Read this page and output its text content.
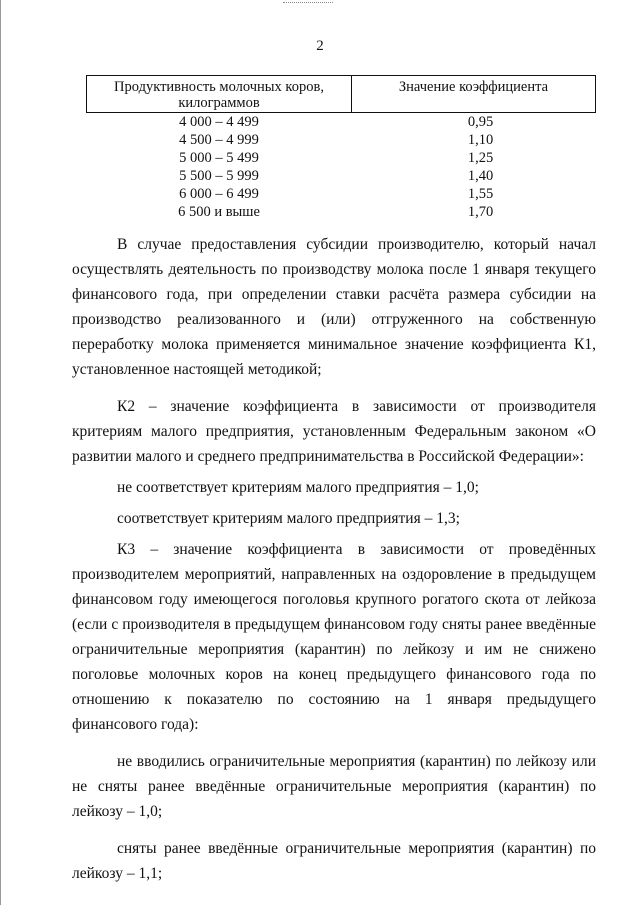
2
Продуктивность молочных коров, килограммов	Значение коэффициента
4 000 – 4 499	0,95
4 500 – 4 999	1,10
5 000 – 5 499	1,25
5 500 – 5 999	1,40
6 000 – 6 499	1,55
6 500 и выше	1,70

В случае предоставления субсидии производителю, который начал осуществлять деятельность по производству молока после 1 января текущего финансового года, при определении ставки расчёта размера субсидии на производство реализованного и (или) отгруженного на собственную переработку молока применяется минимальное значение коэффициента К1, установленное настоящей методикой;

К2 – значение коэффициента в зависимости от производителя критериям малого предприятия, установленным Федеральным законом «О развитии малого и среднего предпринимательства в Российской Федерации»:

не соответствует критериям малого предприятия – 1,0;

соответствует критериям малого предприятия – 1,3;

К3 – значение коэффициента в зависимости от проведённых производителем мероприятий, направленных на оздоровление в предыдущем финансовом году имеющегося поголовья крупного рогатого скота от лейкоза (если с производителя в предыдущем финансовом году сняты ранее введённые ограничительные мероприятия (карантин) по лейкозу и им не снижено поголовье молочных коров на конец предыдущего финансового года по отношению к показателю по состоянию на 1 января предыдущего финансового года):

не вводились ограничительные мероприятия (карантин) по лейкозу или не сняты ранее введённые ограничительные мероприятия (карантин) по лейкозу – 1,0;

сняты ранее введённые ограничительные мероприятия (карантин) по лейкозу – 1,1;
